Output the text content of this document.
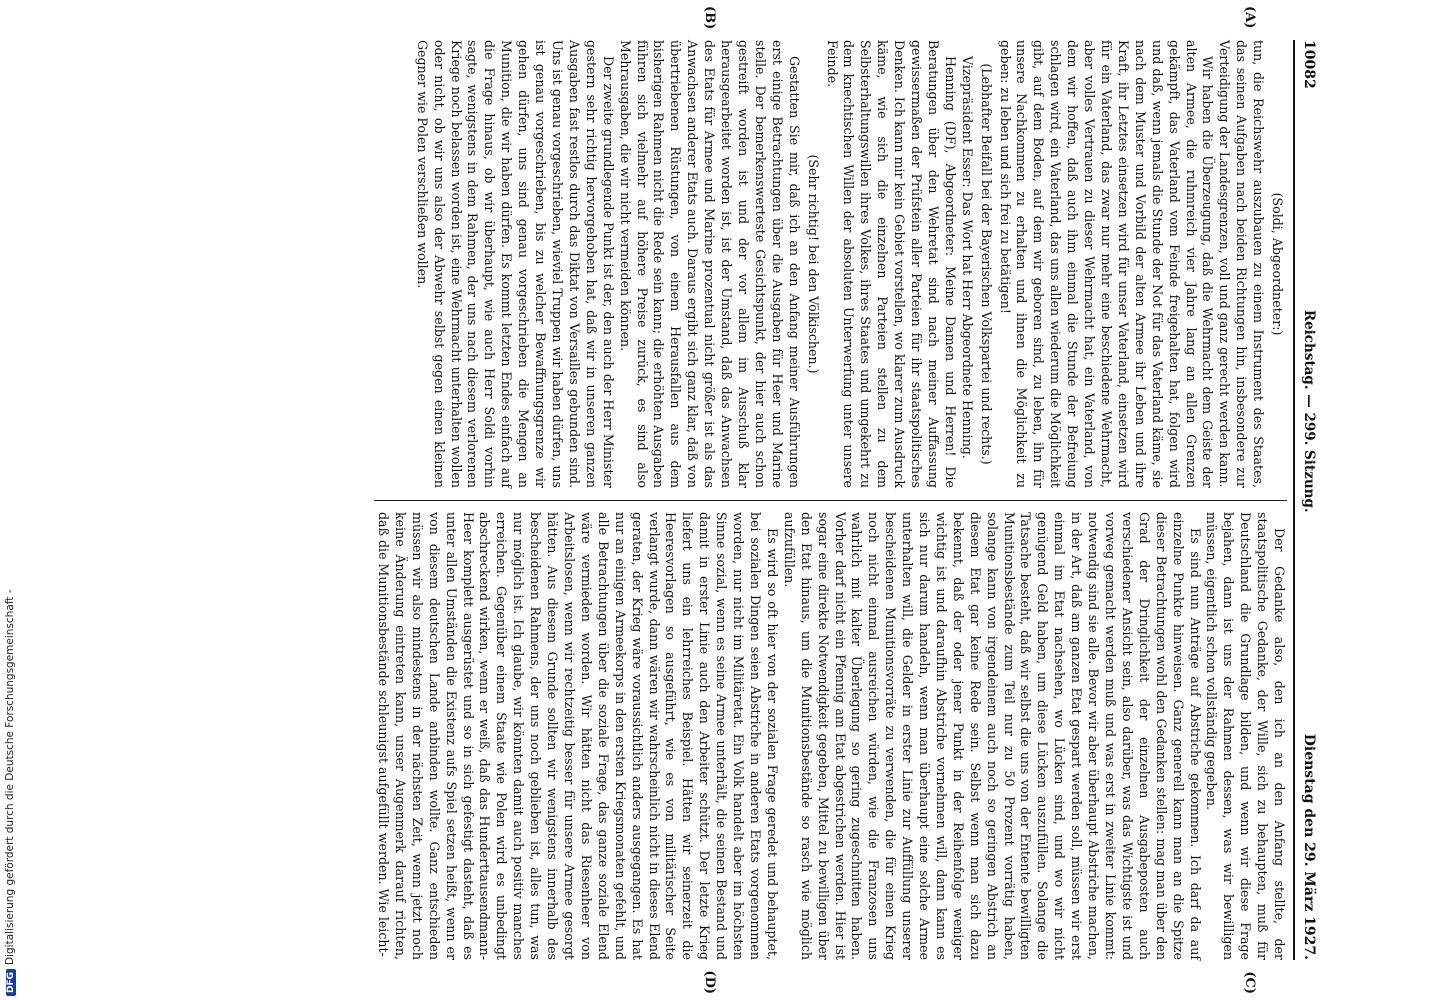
DFGDigitalisierung gefördert durch die Deutsche Forschungsgemeinschaft -
10082
Reichstag. — 299. Sitzung.
Dienstag den 29. März 1927.
(A)
(B)

(Soldi, Abgeordneter:)

tun, die Reichswehr auszubauen zu einem Instrument des Staates, das seinen Aufgaben nach beiden Richtungen hin, insbesondere zur Verteidigung der Landesgrenzen, voll und ganz gerecht werden kann.

Wir haben die Überzeugung, daß die Wehrmacht dem Geiste der alten Armee, die ruhmreich vier Jahre lang an allen Grenzen gekämpft, das Vaterland vom Feinde freigehalten hat, folgen wird und daß, wenn jemals die Stunde der Not für das Vaterland käme, sie nach dem Muster und Vorbild der alten Armee ihr Leben und ihre Kraft, ihr Letztes einsetzen wird für unser Vaterland, einsetzen wird für ein Vaterland, das zwar nur mehr eine beschiedene Wehrmacht, aber volles Vertrauen zu dieser Wehrmacht hat, ein Vaterland, von dem wir hoffen, daß auch ihm einmal die Stunde der Befreiung schlagen wird, ein Vaterland, das uns allen wiederum die Möglichkeit gibt, auf dem Boden, auf dem wir geboren sind, zu leben, ihn für unsere Nachkommen zu erhalten und ihnen die Möglichkeit zu geben: zu leben und sich frei zu betätigen!

(Lebhafter Beifall bei der Bayerischen Volkspartei und rechts.)

Vizepräsident Esser: Das Wort hat Herr Abgeordnete Henning.

Henning (DF), Abgeordneter: Meine Damen und Herren! Die Beratungen über den Wehretat sind nach meiner Auffassung gewissermaßen der Prüfstein aller Parteien für ihr staatspolitisches Denken. Ich kann mir kein Gebiet vorstellen, wo klarer zum Ausdruck käme, wie sich die einzelnen Parteien stellen zu dem Selbsterhaltungswillen ihres Volkes, ihres Staates und umgekehrt zu dem knechtischen Willen der absoluten Unterwerfung unter unsere Feinde.

(Sehr richtig! bei den Völkischen.)

Gestatten Sie mir, daß ich an den Anfang meiner Ausführungen erst einige Betrachtungen über die Ausgaben für Heer und Marine stelle. Der bemerkenswerteste Gesichtspunkt, der hier auch schon gestreift worden ist und der vor allem im Ausschuß klar herausgearbeitet worden ist, ist der Umstand, daß das Anwachsen des Etats für Armee und Marine prozentual nicht größer ist als das Anwachsen anderer Etats auch. Daraus ergibt sich ganz klar, daß von übertriebenen Rüstungen, von einem Herausfallen aus dem bisherigen Rahmen nicht die Rede sein kann; die erhöhten Ausgaben führen sich vielmehr auf höhere Preise zurück, es sind also Mehrausgaben, die wir nicht vermeiden können.

Der zweite grundlegende Punkt ist der, den auch der Herr Minister gestern sehr richtig hervorgehoben hat, daß wir in unseren ganzen Ausgaben fast restlos durch das Diktat von Versailles gebunden sind. Uns ist genau vorgeschrieben, wieviel Truppen wir haben dürfen, uns ist genau vorgeschrieben, bis zu welcher Bewaffnungsgrenze wir gehen dürfen, uns sind genau vorgeschrieben die Mengen an Munition, die wir haben dürfen. Es kommt letzten Endes einfach auf die Frage hinaus, ob wir überhaupt, wie auch Herr Soldi vorhin sagte, wenigstens in dem Rahmen, der uns nach diesem verlorenen Kriege noch belassen worden ist, eine Wehrmacht unterhalten wollen oder nicht, ob wir uns also der Abwehr selbst gegen einen kleinen Gegner wie Polen verschließen wollen.

(C)
(D)

Der Gedanke also, den ich an den Anfang stellte, der staatspolitische Gedanke, der Wille, sich zu behaupten, muß für Deutschland die Grundlage bilden, und wenn wir diese Frage bejahen, dann ist uns der Rahmen dessen, was wir bewilligen müssen, eigentlich schon vollständig gegeben.

Es sind nun Anträge auf Abstriche gekommen. Ich darf da auf einzelne Punkte hinweisen. Ganz generell kann man an die Spitze dieser Betrachtungen wohl den Gedanken stellen: mag man über den Grad der Dringlichkeit der einzelnen Ausgabeposten auch verschiedener Ansicht sein, also darüber, was das Wichtigste ist und vorweg gemacht werden muß und was erst in zweiter Linie kommt: notwendig sind sie alle. Bevor wir aber überhaupt Abstriche machen, in der Art, daß am ganzen Etat gespart werden soll, müssen wir erst einmal im Etat nachsehen, wo Lücken sind, und wo wir nicht genügend Geld haben, um diese Lücken auszufüllen. Solange die Tatsache besteht, daß wir selbst die uns von der Entente bewilligten Munitionsbestände zum Teil nur zu 50 Prozent vorrätig haben, solange kann von irgendeinem auch noch so geringen Abstrich an diesem Etat gar keine Rede sein. Selbst wenn man sich dazu bekennt, daß der oder jener Punkt in der Reihenfolge weniger wichtig ist und daraufhin Abstriche vornehmen will, dann kann es sich nur darum handeln, wenn man überhaupt eine solche Armee unterhalten will, die Gelder in erster Linie zur Auffüllung unserer bescheidenen Munitionsvorräte zu verwenden, die für einen Krieg noch nicht einmal ausreichen würden, wie die Franzosen uns wahrlich mit kalter Überlegung so gering zugeschnitten haben. Vorher darf nicht ein Pfennig am Etat abgestrichen werden. Hier ist sogar eine direkte Notwendigkeit gegeben, Mittel zu bewilligen über den Etat hinaus, um die Munitionsbestände so rasch wie möglich aufzufüllen.

Es wird so oft hier von der sozialen Frage geredet und behauptet, bei sozialen Dingen seien Abstriche in anderen Etats vorgenommen worden, nur nicht im Militäretat. Ein Volk handelt aber im höchsten Sinne sozial, wenn es seine Armee unterhält, die seinen Bestand und damit in erster Linie auch den Arbeiter schützt. Der letzte Krieg liefert uns ein lehrreiches Beispiel. Hätten wir seinerzeit die Heeresvorlagen so ausgeführt, wie es von militärischer Seite verlangt wurde, dann wären wir wahrscheinlich nicht in dieses Elend geraten, der Krieg wäre voraussichtlich anders ausgegangen. Es hat nur an einigen Armeekorps in den ersten Kriegsmonaten gefehlt, und alle Betrachtungen über die soziale Frage, das ganze soziale Elend wäre vermieden worden. Wir hätten nicht das Riesenheer von Arbeitslosen, wenn wir rechtzeitig besser für unsere Armee gesorgt hätten. Aus diesem Grunde sollten wir wenigstens innerhalb des bescheidenen Rahmens, der uns noch geblieben ist, alles tun, was nur möglich ist. Ich glaube, wir könnten damit auch positiv manches erreichen. Gegenüber einem Staate wie Polen wird es unbedingt abschreckend wirken, wenn er weiß, daß das Hunderttausendmann-Heer komplett ausgerüstet und so in sich gefestigt dasteht, daß es unter allen Umständen die Existenz aufs Spiel setzen heißt, wenn er von diesem deutschen Lande anbinden wollte. Ganz entschieden müssen wir also mindestens in der nächsten Zeit, wenn jetzt noch keine Änderung eintreten kann, unser Augenmerk darauf richten, daß die Munitionsbestände schleunigst aufgefüllt werden. Wie leicht-
